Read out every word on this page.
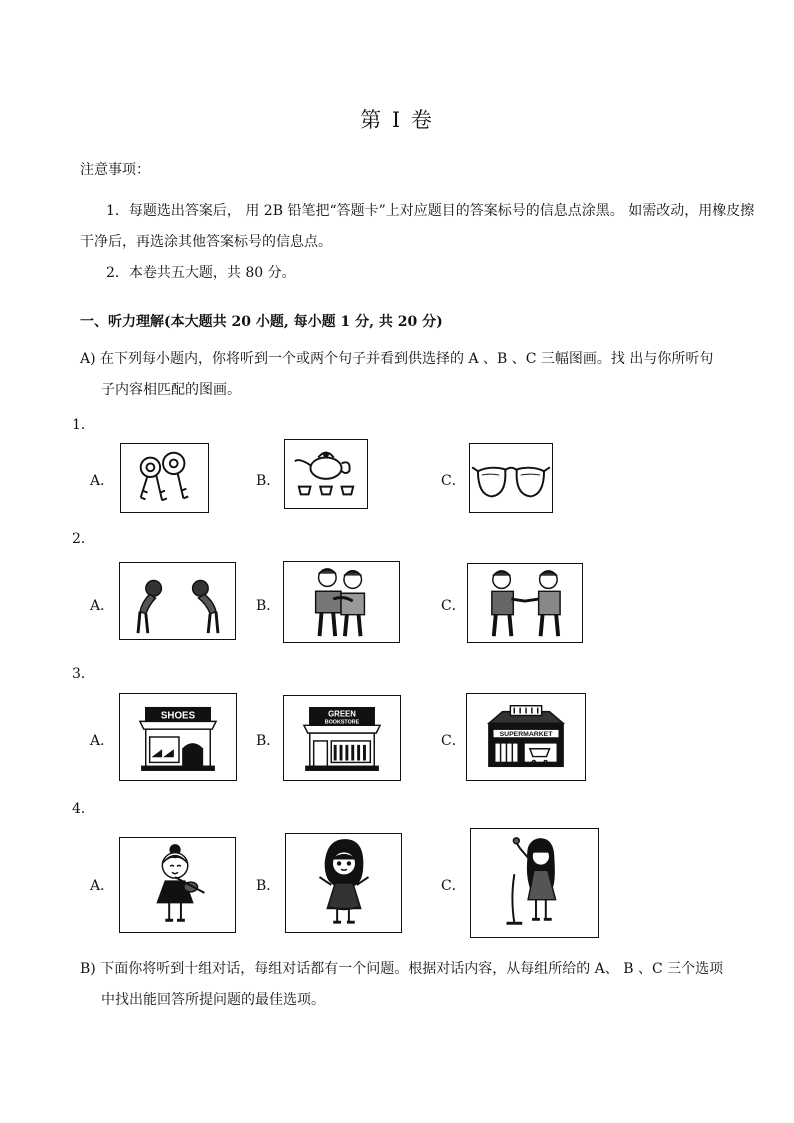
第 I 卷
注意事项：
1．每题选出答案后， 用 2B 铅笔把“答题卡”上对应题目的答案标号的信息点涂黑。 如需改动，用橡皮擦
干净后，再选涂其他答案标号的信息点。
2．本卷共五大题，共 80 分。
一、听力理解(本大题共 20 小题, 每小题 1 分, 共 20 分)
A) 在下列每小题内，你将听到一个或两个句子并看到供选择的 A 、B 、C 三幅图画。找 出与你所听句
子内容相匹配的图画。
1．
A．	B．	C．
2．
A．	B．	C．
3．
A．
SHOES
B．
GREEN
BOOKSTORE
C．	SUPERMARKET
4．
A．	B．	C．
B) 下面你将听到十组对话，每组对话都有一个问题。根据对话内容，从每组所给的 A、 B 、C 三个选项
中找出能回答所提问题的最佳选项。
